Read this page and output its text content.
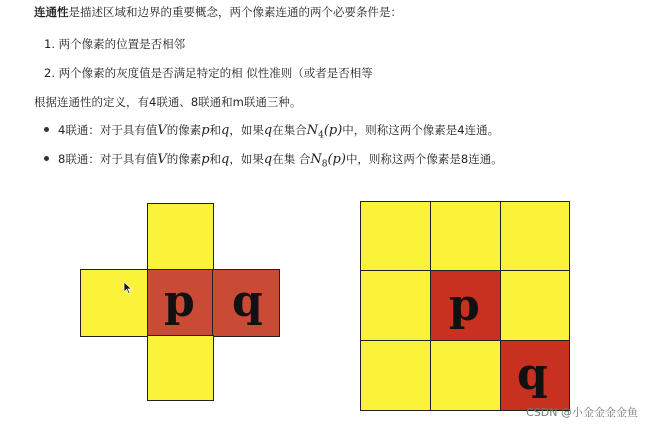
连通性是描述区域和边界的重要概念，两个像素连通的两个必要条件是：
1. 两个像素的位置是否相邻
2. 两个像素的灰度值是否满足特定的相 似性准则（或者是否相等
根据连通性的定义，有4联通、8联通和m联通三种。
4联通：对于具有值V的像素p和q，如果q在集合$N_4(p)$中，则称这两个像素是4连通。
8联通：对于具有值V的像素p和q，如果q在集 合$N_8(p)$中，则称这两个像素是8连通。
p q	p
q
CSDN @小金金金金鱼
